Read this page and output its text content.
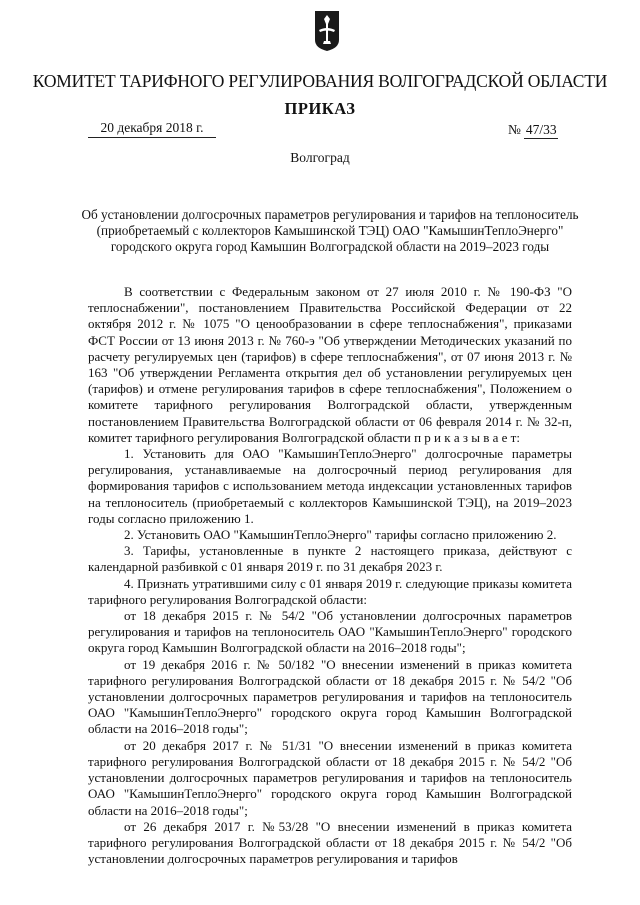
КОМИТЕТ ТАРИФНОГО РЕГУЛИРОВАНИЯ ВОЛГОГРАДСКОЙ ОБЛАСТИ
ПРИКАЗ
20 декабря 2018 г.	№ 47/33
Волгоград
Об установлении долгосрочных параметров регулирования и тарифов на теплоноситель (приобретаемый с коллекторов Камышинской ТЭЦ) ОАО "КамышинТеплоЭнерго" городского округа город Камышин Волгоградской области на 2019–2023 годы

В соответствии с Федеральным законом от 27 июля 2010 г. № 190-ФЗ "О теплоснабжении", постановлением Правительства Российской Федерации от 22 октября 2012 г. № 1075 "О ценообразовании в сфере теплоснабжения", приказами ФСТ России от 13 июня 2013 г. № 760-э "Об утверждении Методических указаний по расчету регулируемых цен (тарифов) в сфере теплоснабжения", от 07 июня 2013 г. № 163 "Об утверждении Регламента открытия дел об установлении регулируемых цен (тарифов) и отмене регулирования тарифов в сфере теплоснабжения", Положением о комитете тарифного регулирования Волгоградской области, утвержденным постановлением Правительства Волгоградской области от 06 февраля 2014 г. № 32-п, комитет тарифного регулирования Волгоградской области п р и к а з ы в а е т:

1. Установить для ОАО "КамышинТеплоЭнерго" долгосрочные параметры регулирования, устанавливаемые на долгосрочный период регулирования для формирования тарифов с использованием метода индексации установленных тарифов на теплоноситель (приобретаемый с коллекторов Камышинской ТЭЦ), на 2019–2023 годы согласно приложению 1.

2. Установить ОАО "КамышинТеплоЭнерго" тарифы согласно приложению 2.

3. Тарифы, установленные в пункте 2 настоящего приказа, действуют с календарной разбивкой с 01 января 2019 г. по 31 декабря 2023 г.

4. Признать утратившими силу с 01 января 2019 г. следующие приказы комитета тарифного регулирования Волгоградской области:

от 18 декабря 2015 г. № 54/2 "Об установлении долгосрочных параметров регулирования и тарифов на теплоноситель ОАО "КамышинТеплоЭнерго" городского округа город Камышин Волгоградской области на 2016–2018 годы";

от 19 декабря 2016 г. № 50/182 "О внесении изменений в приказ комитета тарифного регулирования Волгоградской области от 18 декабря 2015 г. № 54/2 "Об установлении долгосрочных параметров регулирования и тарифов на теплоноситель ОАО "КамышинТеплоЭнерго" городского округа город Камышин Волгоградской области на 2016–2018 годы";

от 20 декабря 2017 г. № 51/31 "О внесении изменений в приказ комитета тарифного регулирования Волгоградской области от 18 декабря 2015 г. № 54/2 "Об установлении долгосрочных параметров регулирования и тарифов на теплоноситель ОАО "КамышинТеплоЭнерго" городского округа город Камышин Волгоградской области на 2016–2018 годы";

от 26 декабря 2017 г. №53/28 "О внесении изменений в приказ комитета тарифного регулирования Волгоградской области от 18 декабря 2015 г. № 54/2 "Об установлении долгосрочных параметров регулирования и тарифов
